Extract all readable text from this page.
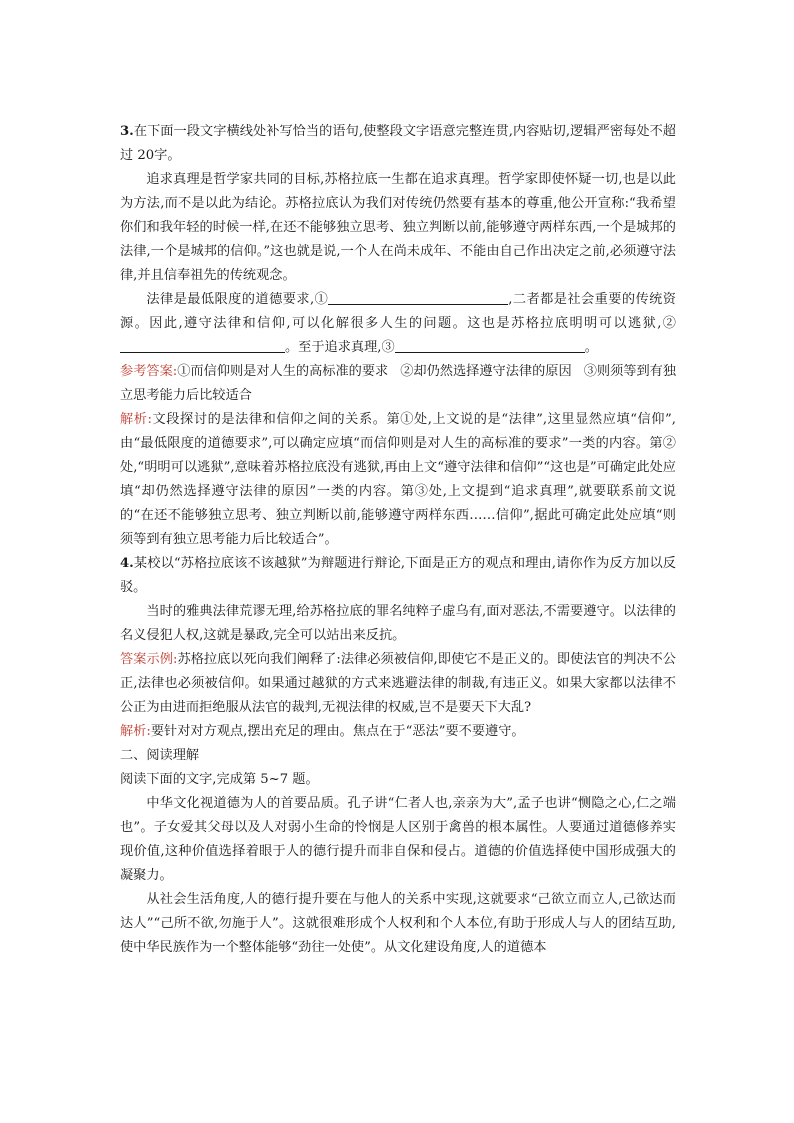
3.在下面一段文字横线处补写恰当的语句,使整段文字语意完整连贯,内容贴切,逻辑严密每处不超过 20字。

追求真理是哲学家共同的目标,苏格拉底一生都在追求真理。哲学家即使怀疑一切,也是以此为方法,而不是以此为结论。苏格拉底认为我们对传统仍然要有基本的尊重,他公开宣称:“我希望你们和我年轻的时候一样,在还不能够独立思考、独立判断以前,能够遵守两样东西,一个是城邦的法律,一个是城邦的信仰。”这也就是说,一个人在尚未成年、不能由自己作出决定之前,必须遵守法律,并且信奉祖先的传统观念。

法律是最低限度的道德要求,①	,二者都是社会重要的传统资源。因此,遵守法律和信仰,可以化解很多人生的问题。这也是苏格拉底明明可以逃狱,②。至于追求真理,③	。

参考答案:①而信仰则是对人生的高标准的要求 ②却仍然选择遵守法律的原因 ③则须等到有独立思考能力后比较适合

解析:文段探讨的是法律和信仰之间的关系。第①处,上文说的是“法律”,这里显然应填“信仰”,由“最低限度的道德要求”,可以确定应填“而信仰则是对人生的高标准的要求”一类的内容。第②处,“明明可以逃狱”,意味着苏格拉底没有逃狱,再由上文“遵守法律和信仰”“这也是”可确定此处应填“却仍然选择遵守法律的原因”一类的内容。第③处,上文提到“追求真理”,就要联系前文说的“在还不能够独立思考、独立判断以前,能够遵守两样东西……信仰”,据此可确定此处应填“则须等到有独立思考能力后比较适合”。

4.某校以“苏格拉底该不该越狱”为辩题进行辩论,下面是正方的观点和理由,请你作为反方加以反驳。

当时的雅典法律荒谬无理,给苏格拉底的罪名纯粹子虚乌有,面对恶法,不需要遵守。以法律的名义侵犯人权,这就是暴政,完全可以站出来反抗。

答案示例:苏格拉底以死向我们阐释了:法律必须被信仰,即使它不是正义的。即使法官的判决不公正,法律也必须被信仰。如果通过越狱的方式来逃避法律的制裁,有违正义。如果大家都以法律不公正为由进而拒绝服从法官的裁判,无视法律的权威,岂不是要天下大乱?

解析:要针对对方观点,摆出充足的理由。焦点在于“恶法”要不要遵守。

二、阅读理解

阅读下面的文字,完成第 5~7 题。

中华文化视道德为人的首要品质。孔子讲“仁者人也,亲亲为大”,孟子也讲“恻隐之心,仁之端也”。子女爱其父母以及人对弱小生命的怜悯是人区别于禽兽的根本属性。人要通过道德修养实现价值,这种价值选择着眼于人的德行提升而非自保和侵占。道德的价值选择使中国形成强大的凝聚力。

从社会生活角度,人的德行提升要在与他人的关系中实现,这就要求“己欲立而立人,己欲达而达人”“己所不欲,勿施于人”。这就很难形成个人权利和个人本位,有助于形成人与人的团结互助,使中华民族作为一个整体能够“劲往一处使”。从文化建设角度,人的道德本
